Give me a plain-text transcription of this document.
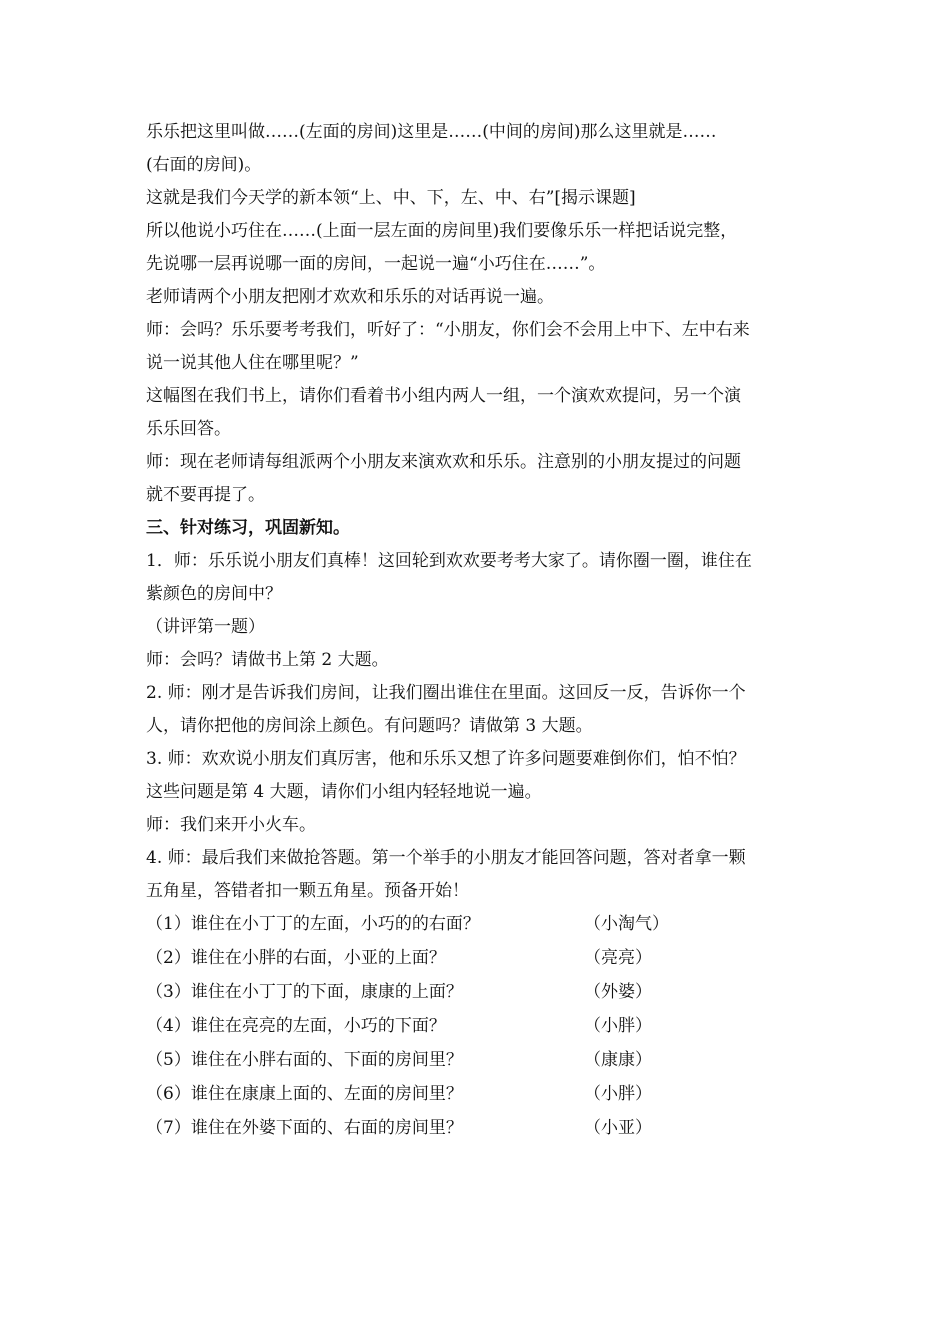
乐乐把这里叫做……(左面的房间)这里是……(中间的房间)那么这里就是……
(右面的房间)。
这就是我们今天学的新本领“上、中、下，左、中、右”[揭示课题]
所以他说小巧住在……(上面一层左面的房间里)我们要像乐乐一样把话说完整，
先说哪一层再说哪一面的房间，一起说一遍“小巧住在……”。
老师请两个小朋友把刚才欢欢和乐乐的对话再说一遍。
师：会吗？乐乐要考考我们，听好了：“小朋友，你们会不会用上中下、左中右来
说一说其他人住在哪里呢？”
这幅图在我们书上，请你们看着书小组内两人一组，一个演欢欢提问，另一个演
乐乐回答。
师：现在老师请每组派两个小朋友来演欢欢和乐乐。注意别的小朋友提过的问题
就不要再提了。
三、针对练习，巩固新知。
1．师：乐乐说小朋友们真棒！这回轮到欢欢要考考大家了。请你圈一圈，谁住在
紫颜色的房间中？
（讲评第一题）
师：会吗？请做书上第 2 大题。
2. 师：刚才是告诉我们房间，让我们圈出谁住在里面。这回反一反，告诉你一个
人，请你把他的房间涂上颜色。有问题吗？请做第 3 大题。
3. 师：欢欢说小朋友们真厉害，他和乐乐又想了许多问题要难倒你们，怕不怕？
这些问题是第 4 大题，请你们小组内轻轻地说一遍。
师：我们来开小火车。
4. 师：最后我们来做抢答题。第一个举手的小朋友才能回答问题，答对者拿一颗
五角星，答错者扣一颗五角星。预备开始！
（1）谁住在小丁丁的左面，小巧的的右面？	（小淘气）
（2）谁住在小胖的右面，小亚的上面？	（亮亮）
（3）谁住在小丁丁的下面，康康的上面？	（外婆）
（4）谁住在亮亮的左面，小巧的下面？	（小胖）
（5）谁住在小胖右面的、下面的房间里？	（康康）
（6）谁住在康康上面的、左面的房间里？	（小胖）
（7）谁住在外婆下面的、右面的房间里？	（小亚）
